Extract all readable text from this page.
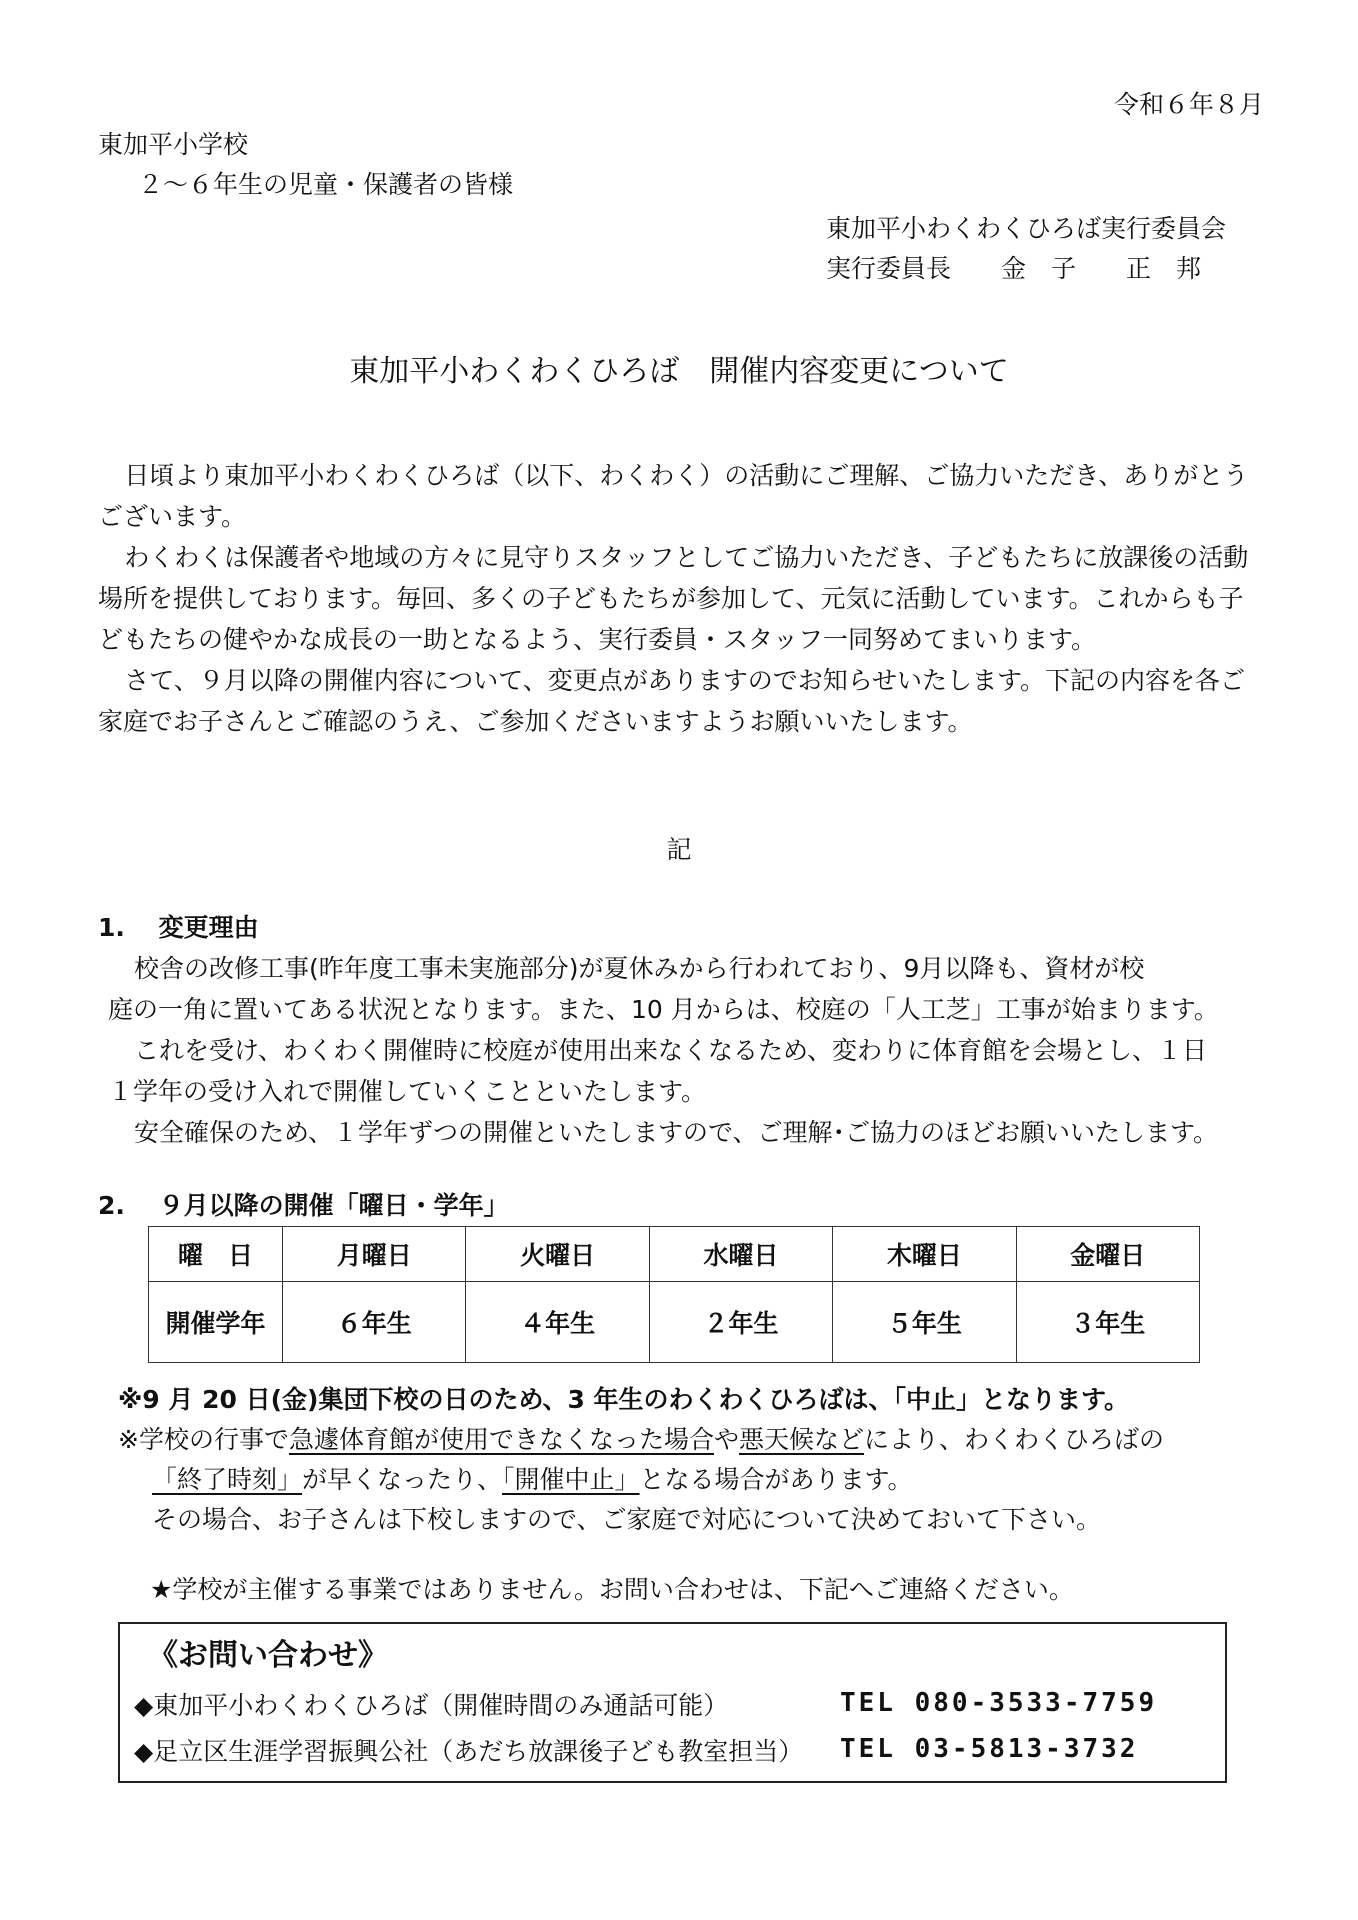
令和６年８月
東加平小学校
２～６年生の児童・保護者の皆様
東加平小わくわくひろば実行委員会
実行委員長　　金　子　　正　邦
東加平小わくわくひろば　開催内容変更について

日頃より東加平小わくわくひろば（以下、わくわく）の活動にご理解、ご協力いただき、ありがとうございます。

わくわくは保護者や地域の方々に見守りスタッフとしてご協力いただき、子どもたちに放課後の活動場所を提供しております。毎回、多くの子どもたちが参加して、元気に活動しています。これからも子どもたちの健やかな成長の一助となるよう、実行委員・スタッフ一同努めてまいります。

さて、９月以降の開催内容について、変更点がありますのでお知らせいたします。下記の内容を各ご家庭でお子さんとご確認のうえ、ご参加くださいますようお願いいたします。

記
1.　 変更理由
校舎の改修工事(昨年度工事未実施部分)が夏休みから行われており、9月以降も、資材が校
庭の一角に置いてある状況となります。また、10 月からは、校庭の「人工芝」工事が始まります。
これを受け、わくわく開催時に校庭が使用出来なくなるため、変わりに体育館を会場とし、１日
１学年の受け入れで開催していくことといたします。
安全確保のため、１学年ずつの開催といたしますので、ご理解･ご協力のほどお願いいたします。
2.　 ９月以降の開催「曜日・学年」
曜　日	月曜日	火曜日	水曜日	木曜日	金曜日
開催学年	６年生	４年生	２年生	５年生	３年生
※9 月 20 日(金)集団下校の日のため、3 年生のわくわくひろばは、「中止」となります。
※学校の行事で急遽体育館が使用できなくなった場合や悪天候などにより、わくわくひろばの
「終了時刻」が早くなったり、「開催中止」となる場合があります。
その場合、お子さんは下校しますので、ご家庭で対応について決めておいて下さい。
★学校が主催する事業ではありません。お問い合わせは、下記へご連絡ください。
《お問い合わせ》
◆東加平小わくわくひろば（開催時間のみ通話可能）	TEL 080-3533-7759
◆足立区生涯学習振興公社（あだち放課後子ども教室担当） TEL 03-5813-3732
